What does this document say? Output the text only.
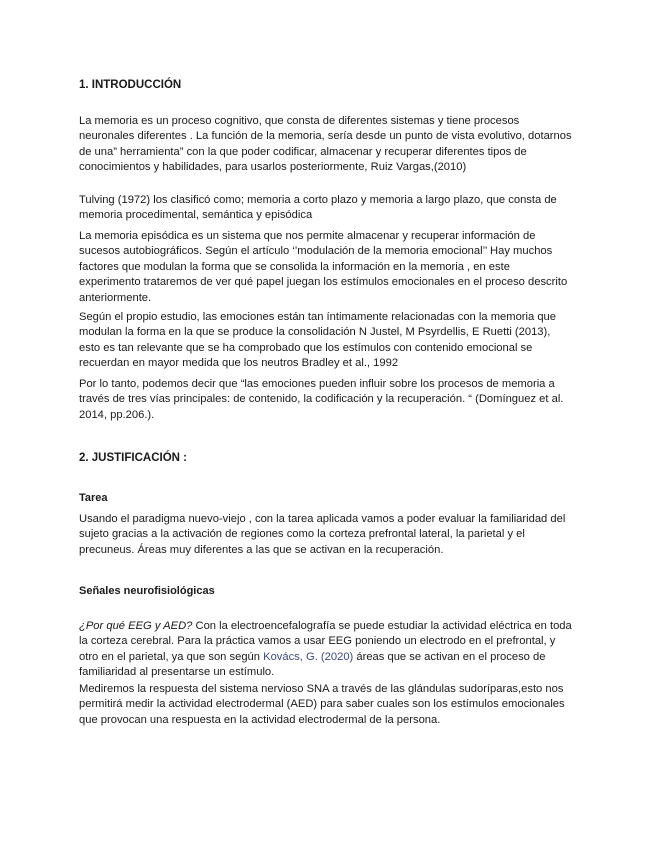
1. INTRODUCCIÓN

La memoria es un proceso cognitivo, que consta de diferentes sistemas y tiene procesos neuronales diferentes . La función de la memoria, sería desde un punto de vista evolutivo, dotarnos de una” herramienta” con la que poder codificar, almacenar y recuperar diferentes tipos de conocimientos y habilidades, para usarlos posteriormente, Ruiz Vargas,(2010)

Tulving (1972) los clasificó como; memoria a corto plazo y memoria a largo plazo, que consta de memoria procedimental, semántica y episódica

La memoria episódica es un sistema que nos permite almacenar y recuperar información de sucesos autobiográficos. Según el artículo ‘’modulación de la memoria emocional’’ Hay muchos factores que modulan la forma que se consolida la información en la memoria , en este experimento trataremos de ver qué papel juegan los estímulos emocionales en el proceso descrito anteriormente.

Según el propio estudio, las emociones están tan íntimamente relacionadas con la memoria que modulan la forma en la que se produce la consolidación N Justel, M Psyrdellis, E Ruetti (2013), esto es tan relevante que se ha comprobado que los estímulos con contenido emocional se recuerdan en mayor medida que los neutros Bradley et al., 1992

Por lo tanto, podemos decir que “las emociones pueden influir sobre los procesos de memoria a través de tres vías principales: de contenido, la codificación y la recuperación. “ (Domínguez et al. 2014, pp.206.).

2. JUSTIFICACIÓN :

Tarea

Usando el paradigma nuevo-viejo , con la tarea aplicada vamos a poder evaluar la familiaridad del sujeto gracias a la activación de regiones como la corteza prefrontal lateral, la parietal y el precuneus. Áreas muy diferentes a las que se activan en la recuperación.

Señales neurofisiológicas

¿Por qué EEG y AED? Con la electroencefalografía se puede estudiar la actividad eléctrica en toda la corteza cerebral. Para la práctica vamos a usar EEG poniendo un electrodo en el prefrontal, y otro en el parietal, ya que son según Kovács, G. (2020) áreas que se activan en el proceso de familiaridad al presentarse un estímulo.

Mediremos la respuesta del sistema nervioso SNA a través de las glándulas sudoríparas,esto nos permitirá medir la actividad electrodermal (AED) para saber cuales son los estímulos emocionales que provocan una respuesta en la actividad electrodermal de la persona.
